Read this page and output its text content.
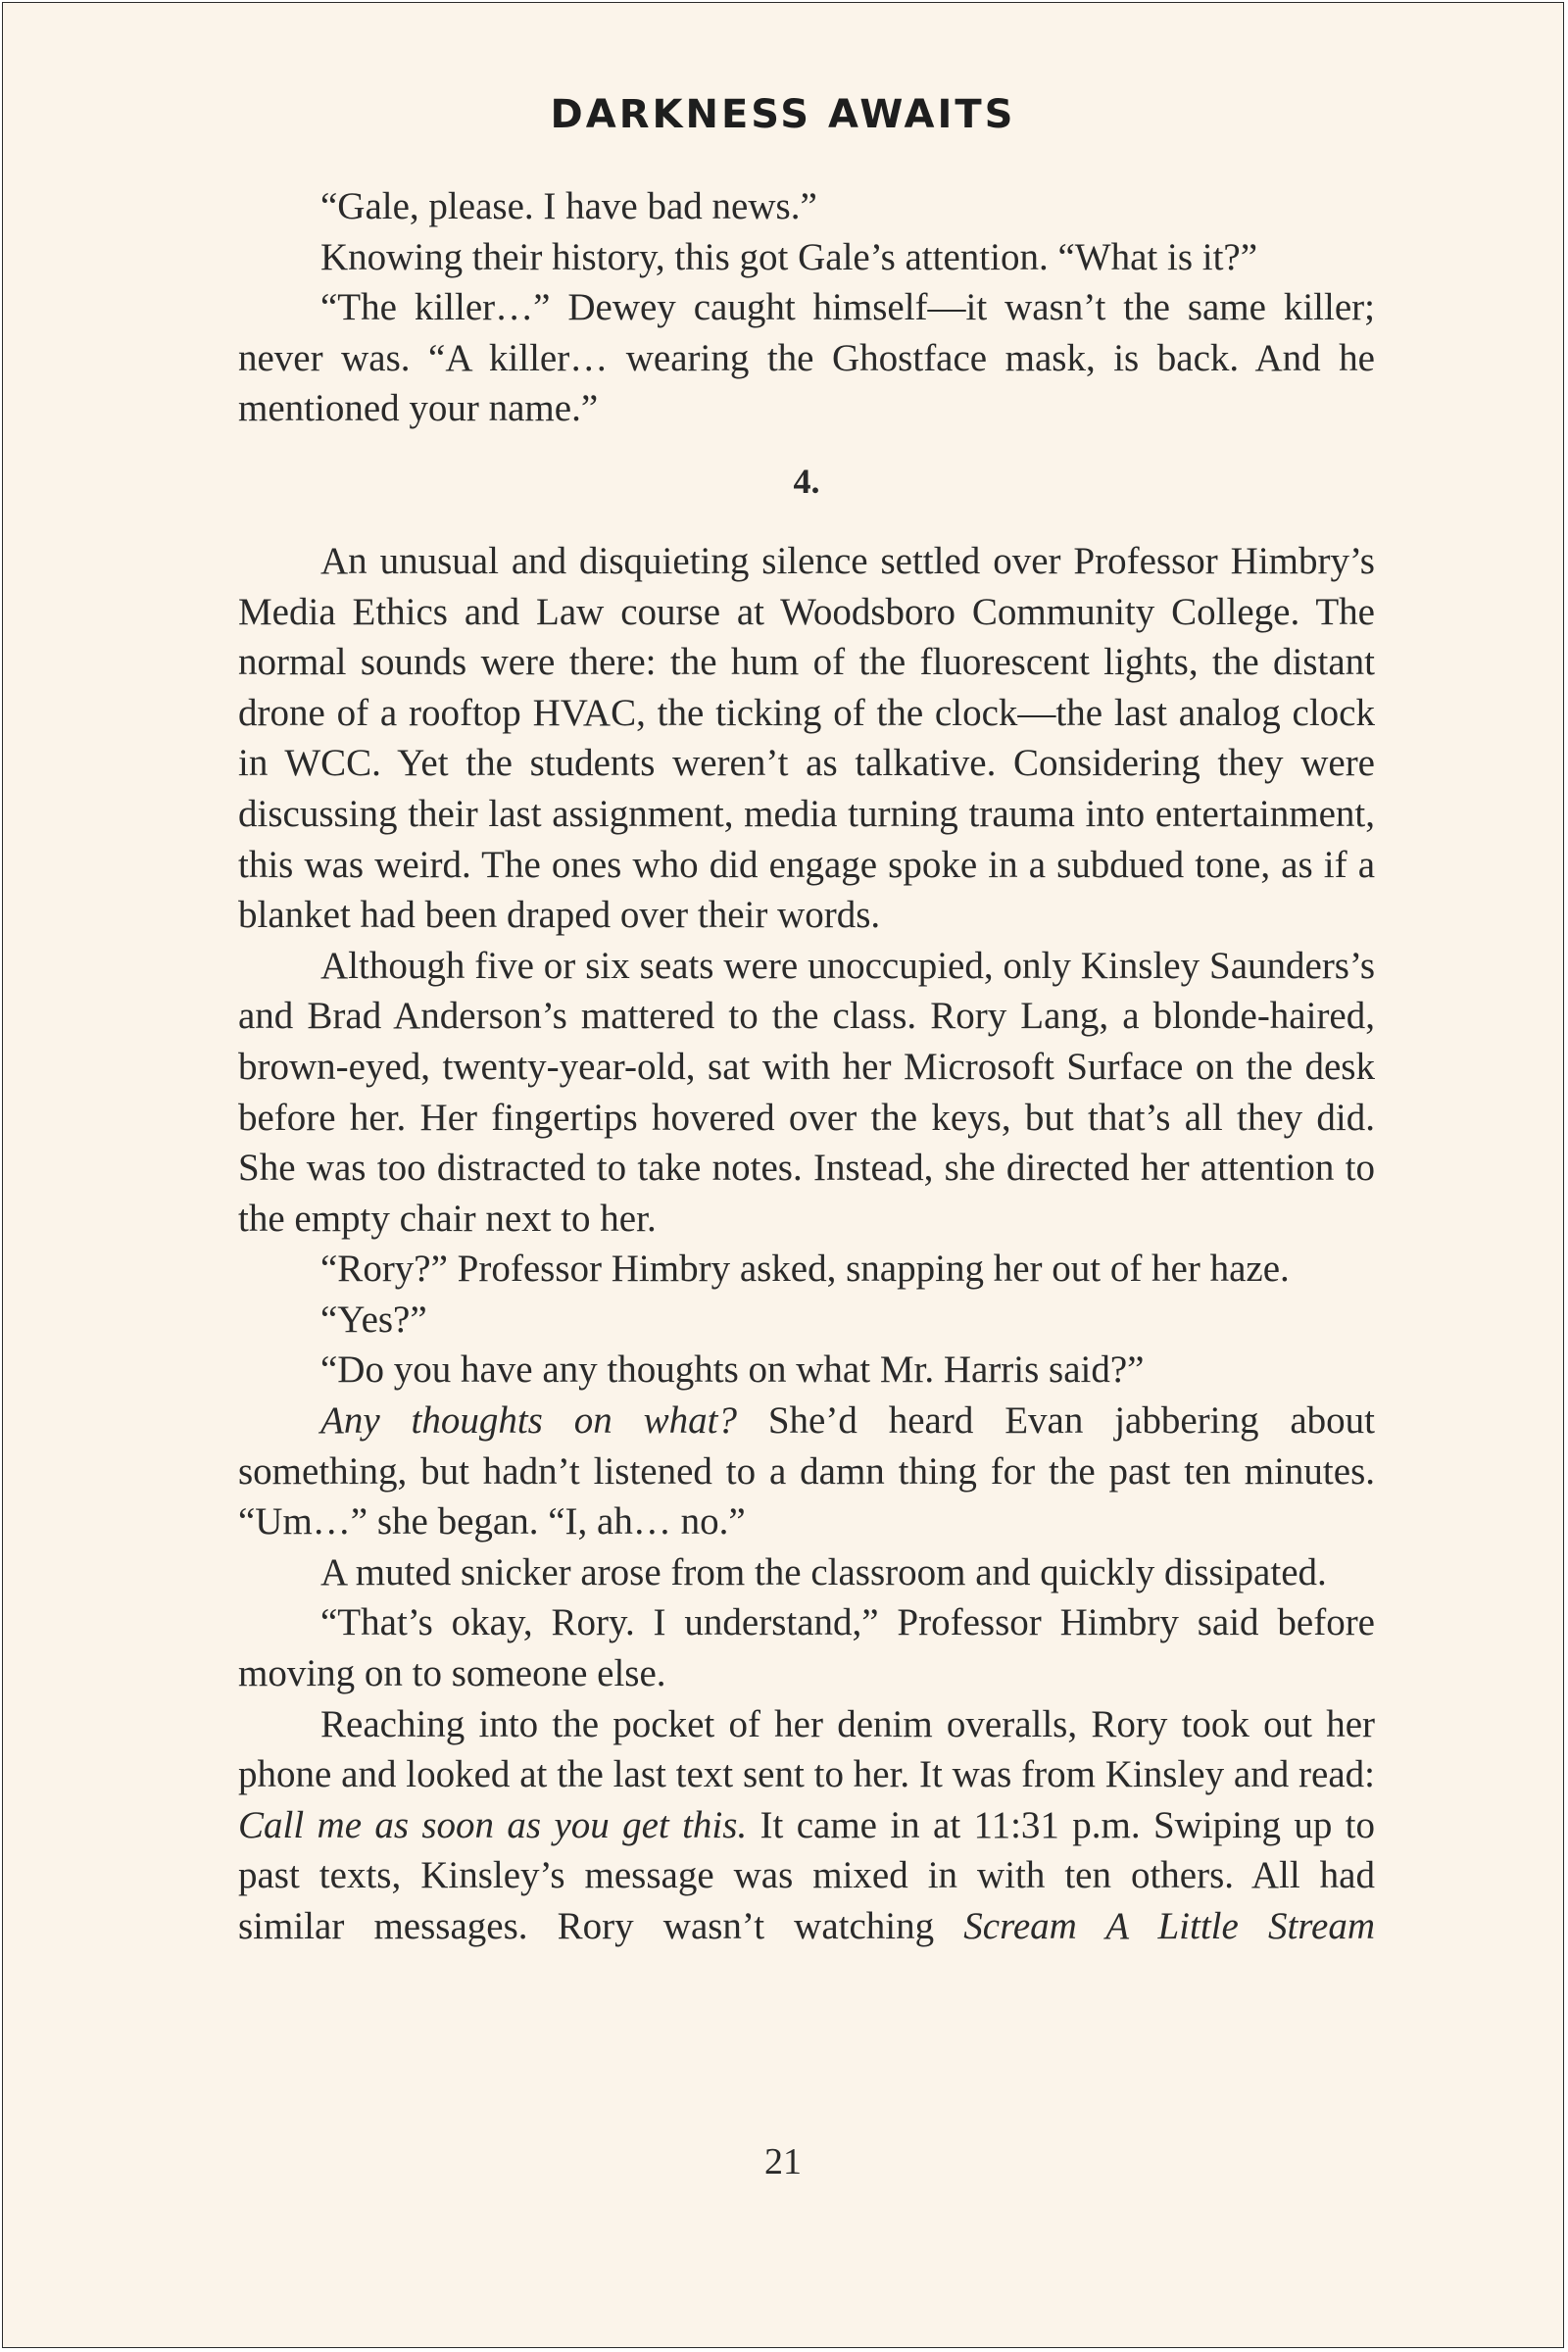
DARKNESS AWAITS

“Gale, please. I have bad news.”

Knowing their history, this got Gale’s attention. “What is it?”

“The killer…” Dewey caught himself—it wasn’t the same killer; never was. “A killer… wearing the Ghostface mask, is back. And he mentioned your name.”

4.

An unusual and disquieting silence settled over Professor Himbry’s Media Ethics and Law course at Woodsboro Community College. The normal sounds were there: the hum of the fluorescent lights, the distant drone of a rooftop HVAC, the ticking of the clock—the last analog clock in WCC. Yet the students weren’t as talkative. Considering they were discussing their last assignment, media turning trauma into entertainment, this was weird. The ones who did engage spoke in a subdued tone, as if a blanket had been draped over their words.

Although five or six seats were unoccupied, only Kinsley Saunders’s and Brad Anderson’s mattered to the class. Rory Lang, a blonde-haired, brown-eyed, twenty-year-old, sat with her Microsoft Surface on the desk before her. Her fingertips hovered over the keys, but that’s all they did. She was too distracted to take notes. Instead, she directed her attention to the empty chair next to her.

“Rory?” Professor Himbry asked, snapping her out of her haze.

“Yes?”

“Do you have any thoughts on what Mr. Harris said?”

Any thoughts on what? She’d heard Evan jabbering about something, but hadn’t listened to a damn thing for the past ten minutes. “Um…” she began. “I, ah… no.”

A muted snicker arose from the classroom and quickly dissipated.

“That’s okay, Rory. I understand,” Professor Himbry said before moving on to someone else.

Reaching into the pocket of her denim overalls, Rory took out her phone and looked at the last text sent to her. It was from Kinsley and read: Call me as soon as you get this. It came in at 11:31 p.m. Swiping up to past texts, Kinsley’s message was mixed in with ten others. All had similar messages. Rory wasn’t watching Scream A Little Stream

21
